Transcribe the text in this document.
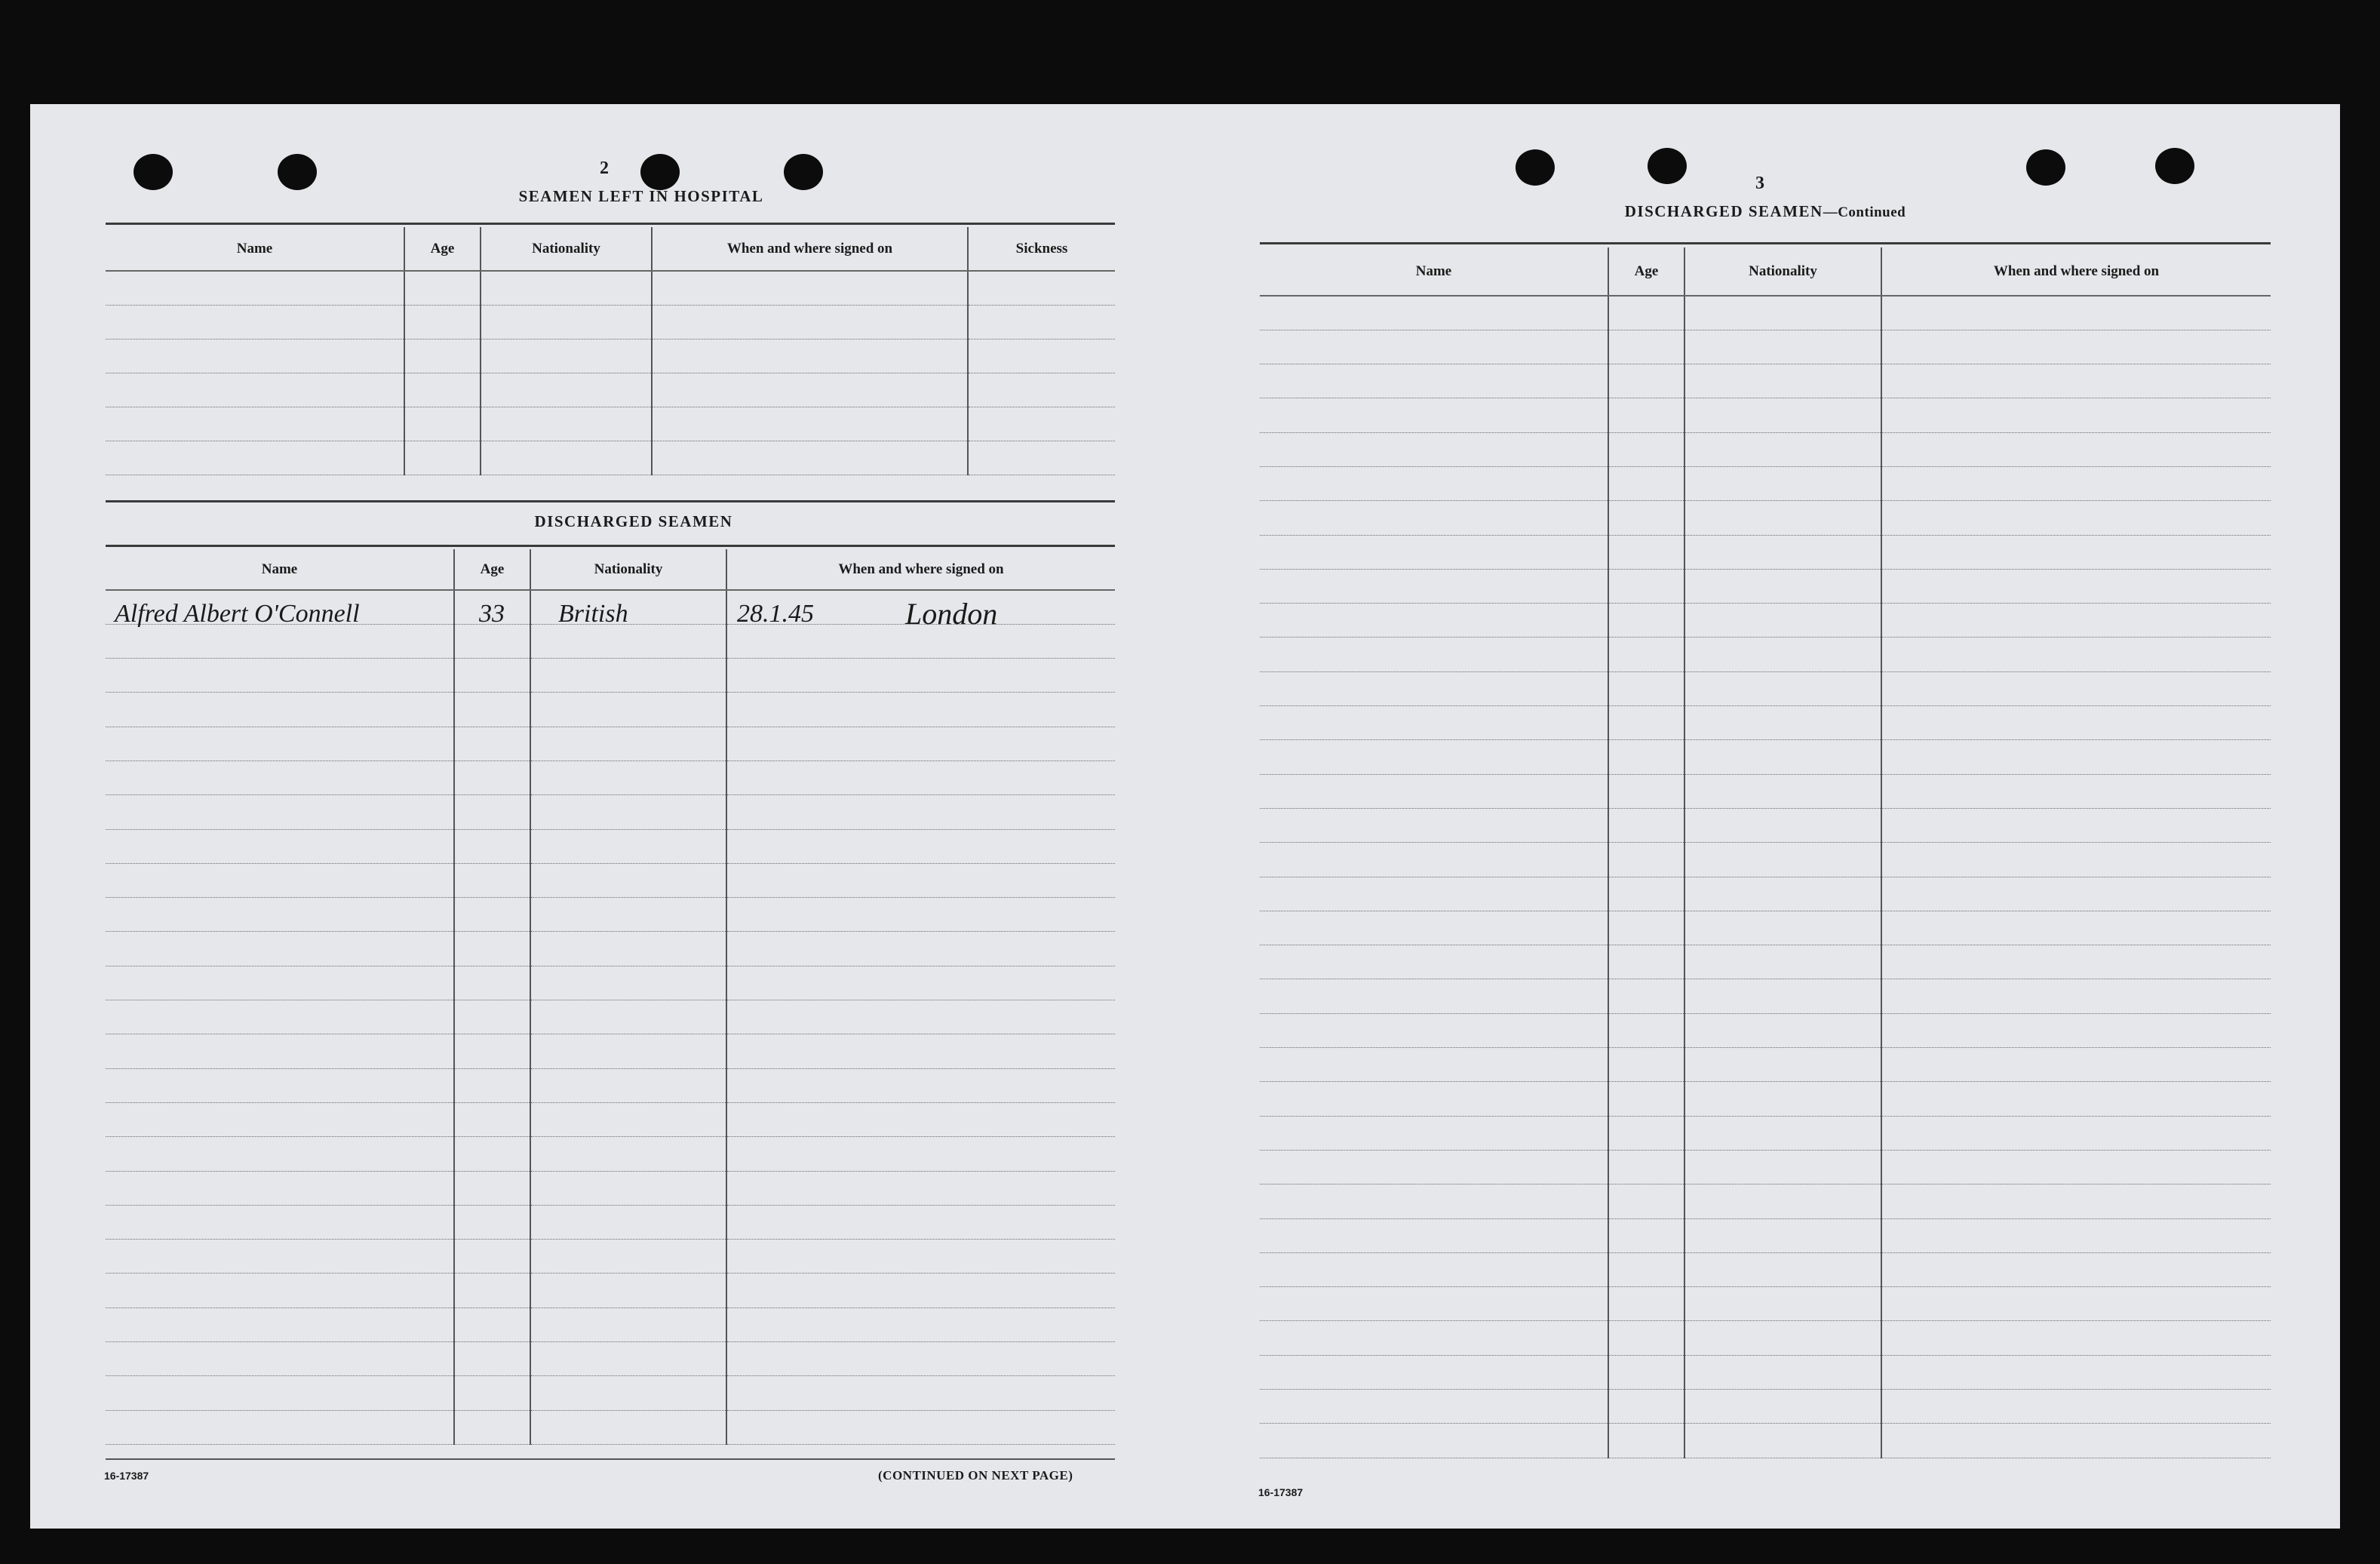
2
SEAMEN LEFT IN HOSPITAL
Name	Age	Nationality	When and where signed on	Sickness

DISCHARGED SEAMEN
Name	Age	Nationality	When and where signed on

Alfred Albert O'Connell	33 British	28.1.45	London
16-17387	(CONTINUED ON NEXT PAGE)
3
DISCHARGED SEAMEN—Continued
Name	Age	Nationality	When and where signed on

16-17387
